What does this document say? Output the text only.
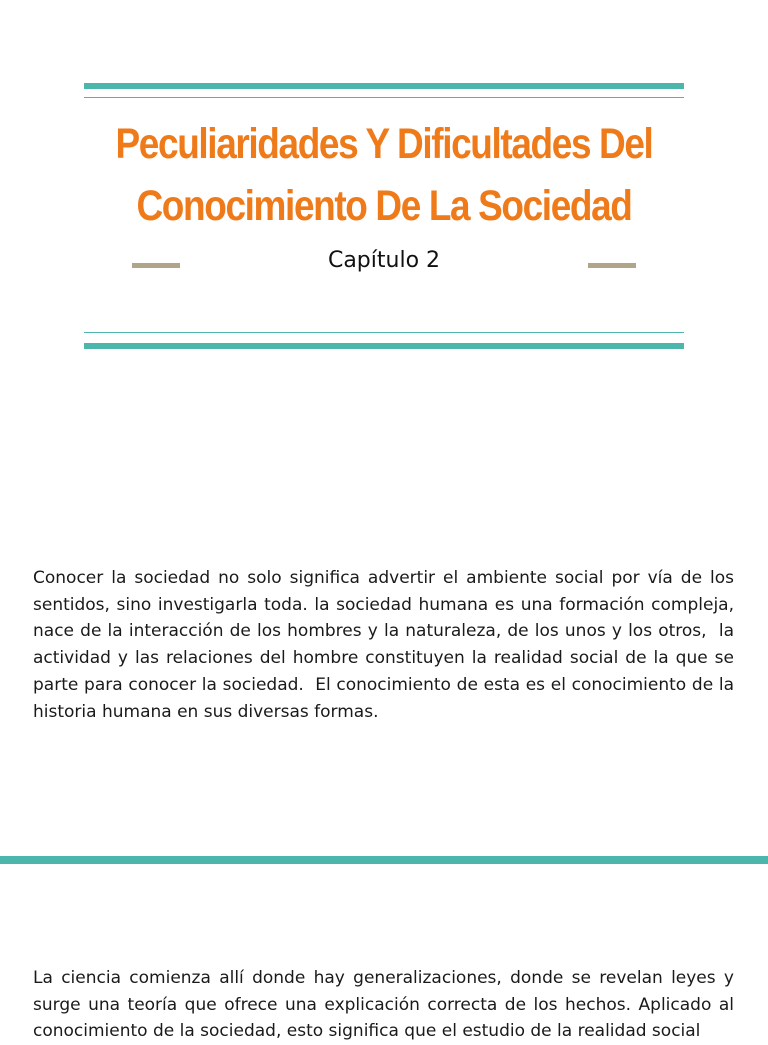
Peculiaridades Y Dificultades Del Conocimiento De La Sociedad
Capítulo 2

Conocer la sociedad no solo significa advertir el ambiente social por vía de los sentidos, sino investigarla toda. la sociedad humana es una formación compleja, nace de la interacción de los hombres y la naturaleza, de los unos y los otros,  la actividad y las relaciones del hombre constituyen la realidad social de la que se parte para conocer la sociedad.  El conocimiento de esta es el conocimiento de la historia humana en sus diversas formas.

La ciencia comienza allí donde hay generalizaciones, donde se revelan leyes y surge una teoría que ofrece una explicación correcta de los hechos. Aplicado al conocimiento de la sociedad, esto significa que el estudio de la realidad social
